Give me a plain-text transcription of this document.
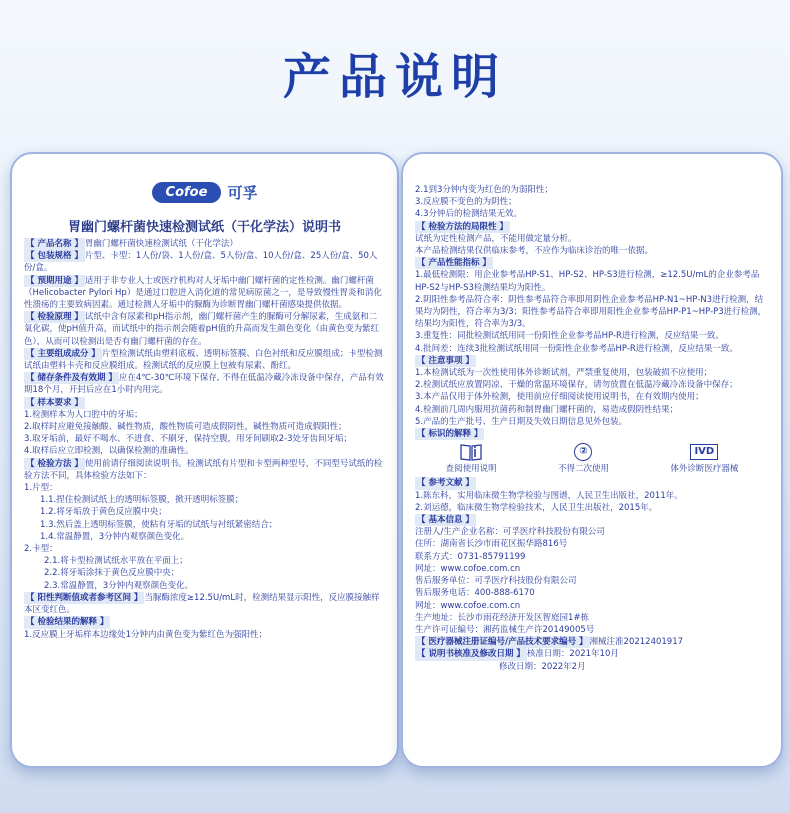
产品说明
Cofoe 可孚
胃幽门螺杆菌快速检测试纸（干化学法）说明书

【 产品名称 】 胃幽门螺杆菌快速检测试纸（干化学法）

【 包装规格 】 片型、卡型：1人份/袋、1人份/盒、5人份/盒、10人份/盒、25人份/盒、50人份/盒。

【 预期用途 】 适用于非专业人士或医疗机构对人牙垢中幽门螺杆菌的定性检测。幽门螺杆菌（Helicobacter Pylori Hp）是通过口腔进入消化道的常见病原菌之一，是导致慢性胃炎和消化性溃疡的主要致病因素。通过检测人牙垢中的脲酶为诊断胃幽门螺杆菌感染提供依据。

【 检验原理 】 试纸中含有尿素和pH指示剂，幽门螺杆菌产生的脲酶可分解尿素，生成氨和二氧化碳，使pH值升高，而试纸中的指示剂会随着pH值的升高而发生颜色变化（由黄色变为紫红色），从而可以检测出是否有幽门螺杆菌的存在。

【 主要组成成分 】 片型检测试纸由塑料底板、透明标签膜、白色衬纸和反应膜组成；卡型检测试纸由塑料卡壳和反应膜组成。检测试纸的反应膜上包被有尿素、酚红。

【 储存条件及有效期 】 应在4℃-30℃环境下保存, 不得在低温冷藏冷冻设备中保存，产品有效期18个月，开封后应在1小时内用完。

【 样本要求 】

1.检测样本为人口腔中的牙垢；

2.取样时应避免接触酸、碱性物质，酸性物质可造成假阴性，碱性物质可造成假阳性；

3.取牙垢前，最好不喝水、不进食、不刷牙，保持空腹，用牙间刷取2-3处牙齿间牙垢；

4.取样后应立即检测，以确保检测的准确性。

【 检验方法 】 使用前请仔细阅读说明书。检测试纸有片型和卡型两种型号，不同型号试纸的检验方法不同，具体检验方法如下：

1.片型：

1.1.捏住检测试纸上的透明标签膜，掀开透明标签膜；

1.2.将牙垢放于黄色反应膜中央；

1.3.然后盖上透明标签膜，使粘有牙垢的试纸与衬纸紧密结合；

1.4.常温静置，3分钟内观察颜色变化。

2.卡型：

2.1.将卡型检测试纸水平放在平面上；

2.2.将牙垢涂抹于黄色反应膜中央；

2.3.常温静置，3分钟内观察颜色变化。

【 阳性判断值或者参考区间 】 当脲酶浓度≥12.5U/mL时，检测结果显示阳性，反应膜接触样本区变红色。

【 检验结果的解释 】

1.反应膜上牙垢样本边缘处1分钟内由黄色变为紫红色为强阳性；

2.1到3分钟内变为红色的为弱阳性；

3.反应膜不变色的为阴性；

4.3分钟后的检测结果无效。

【 检验方法的局限性 】

试纸为定性检测产品，不能用做定量分析。

本产品检测结果仅供临床参考，不应作为临床诊治的唯一依据。

【 产品性能指标 】

1.最低检测限：用企业参考品HP-S1、HP-S2、HP-S3进行检测，≥12.5U/mL的企业参考品HP-S2与HP-S3检测结果均为阳性。

2.阴阳性参考品符合率：阴性参考品符合率即用阴性企业参考品HP-N1~HP-N3进行检测，结果均为阴性，符合率为3/3；阳性参考品符合率即用阳性企业参考品HP-P1~HP-P3进行检测，结果均为阳性，符合率为3/3。

3.重复性：同批检测试纸用同一份阳性企业参考品HP-R进行检测，反应结果一致。

4.批间差：连续3批检测试纸用同一份阳性企业参考品HP-R进行检测，反应结果一致。

【 注意事项 】

1.本检测试纸为一次性使用体外诊断试剂，严禁重复使用，包装破损不应使用；

2.检测试纸应放置阴凉、干燥的常温环境保存，请勿放置在低温冷藏冷冻设备中保存；

3.本产品仅用于体外检测，使用前应仔细阅读使用说明书，在有效期内使用；

4.检测前几周内服用抗菌药和制胃幽门螺杆菌的，易造成假阴性结果；

5.产品的生产批号、生产日期及失效日期信息见外包装。

【 标识的解释 】

查阅使用说明
②
不得二次使用
IVD
体外诊断医疗器械

【 参考文献 】

1.陈东科，实用临床微生物学检验与图谱，人民卫生出版社，2011年。

2.刘运德，临床微生物学检验技术，人民卫生出版社，2015年。

【 基本信息 】

注册人/生产企业名称：可孚医疗科技股份有限公司

住所：湖南省长沙市雨花区振华路816号

联系方式：0731-85791199

网址：www.cofoe.com.cn

售后服务单位：可孚医疗科技股份有限公司

售后服务电话：400-888-6170

网址：www.cofoe.com.cn

生产地址：长沙市雨花经济开发区智庭园1#栋

生产许可证编号：湘药监械生产许20149005号

【 医疗器械注册证编号/产品技术要求编号 】 湘械注准20212401917

【 说明书核准及修改日期 】 核准日期：2021年10月

修改日期：2022年2月
